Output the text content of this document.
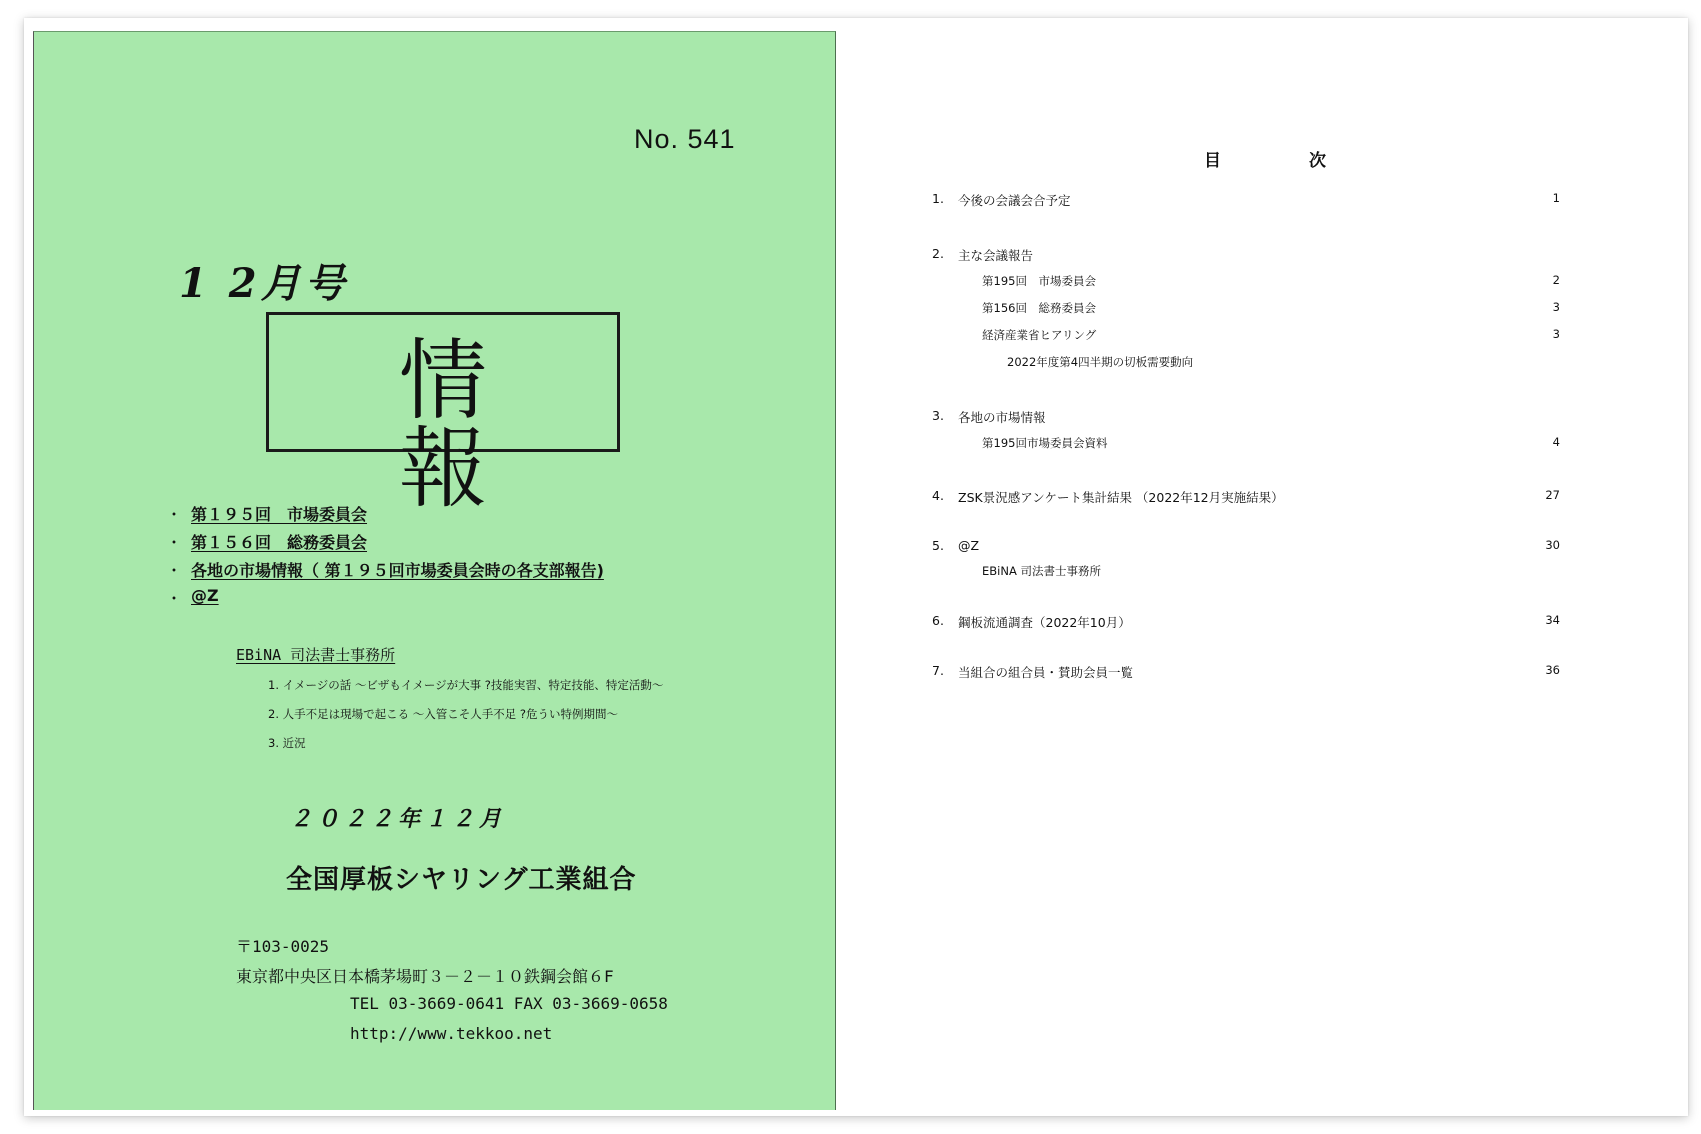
No. 541
1 2月号
情 報
・ 第１９５回　市場委員会
・ 第１５６回　総務委員会
・ 各地の市場情報（ 第１９５回市場委員会時の各支部報告)
・ @Z
EBiNA 司法書士事務所
1. イメージの話 ～ビザもイメージが大事 ?技能実習、特定技能、特定活動～
2. 人手不足は現場で起こる ～入管こそ人手不足 ?危うい特例期間～
3. 近況
２０２２年１２月
全国厚板シヤリング工業組合
〒103-0025
東京都中央区日本橋茅場町３－２－１０鉄鋼会館６F
TEL 03-3669-0641 FAX 03-3669-0658
http://www.tekkoo.net
目次
1. 今後の会議会合予定	1
2. 主な会議報告
第195回　市場委員会	2
第156回　総務委員会	3
経済産業省ヒアリング	3
2022年度第4四半期の切板需要動向
3. 各地の市場情報
第195回市場委員会資料	4
4. ZSK景況感アンケート集計結果 （2022年12月実施結果）	27
5. @Z	30
EBiNA 司法書士事務所
6. 鋼板流通調査（2022年10月）	34
7. 当組合の組合員・賛助会員一覧	36
